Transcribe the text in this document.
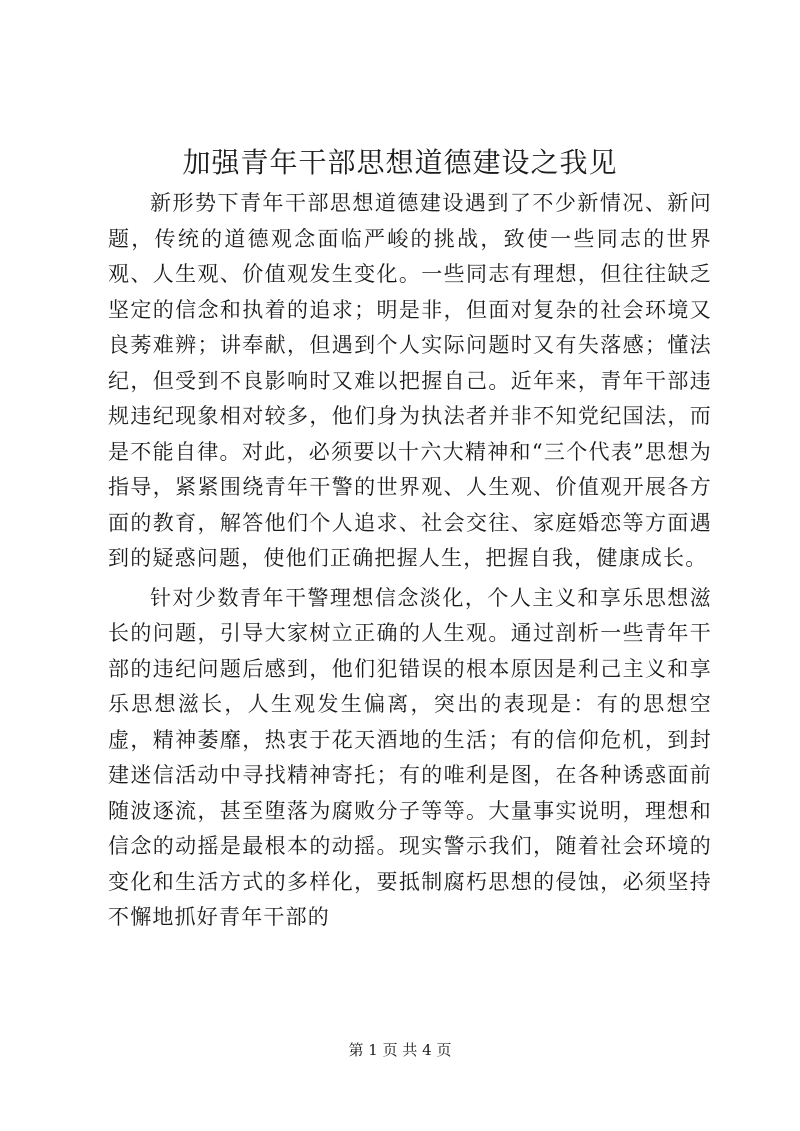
加强青年干部思想道德建设之我见

新形势下青年干部思想道德建设遇到了不少新情况、新问题，传统的道德观念面临严峻的挑战，致使一些同志的世界观、人生观、价值观发生变化。一些同志有理想，但往往缺乏坚定的信念和执着的追求；明是非，但面对复杂的社会环境又良莠难辨；讲奉献，但遇到个人实际问题时又有失落感；懂法纪，但受到不良影响时又难以把握自己。近年来，青年干部违规违纪现象相对较多，他们身为执法者并非不知党纪国法，而是不能自律。对此，必须要以十六大精神和“三个代表”思想为指导，紧紧围绕青年干警的世界观、人生观、价值观开展各方面的教育，解答他们个人追求、社会交往、家庭婚恋等方面遇到的疑惑问题，使他们正确把握人生，把握自我，健康成长。

针对少数青年干警理想信念淡化，个人主义和享乐思想滋长的问题，引导大家树立正确的人生观。通过剖析一些青年干部的违纪问题后感到，他们犯错误的根本原因是利己主义和享乐思想滋长，人生观发生偏离，突出的表现是：有的思想空虚，精神萎靡，热衷于花天酒地的生活；有的信仰危机，到封建迷信活动中寻找精神寄托；有的唯利是图，在各种诱惑面前随波逐流，甚至堕落为腐败分子等等。大量事实说明，理想和信念的动摇是最根本的动摇。现实警示我们，随着社会环境的变化和生活方式的多样化，要抵制腐朽思想的侵蚀，必须坚持不懈地抓好青年干部的

第 1 页 共 4 页
